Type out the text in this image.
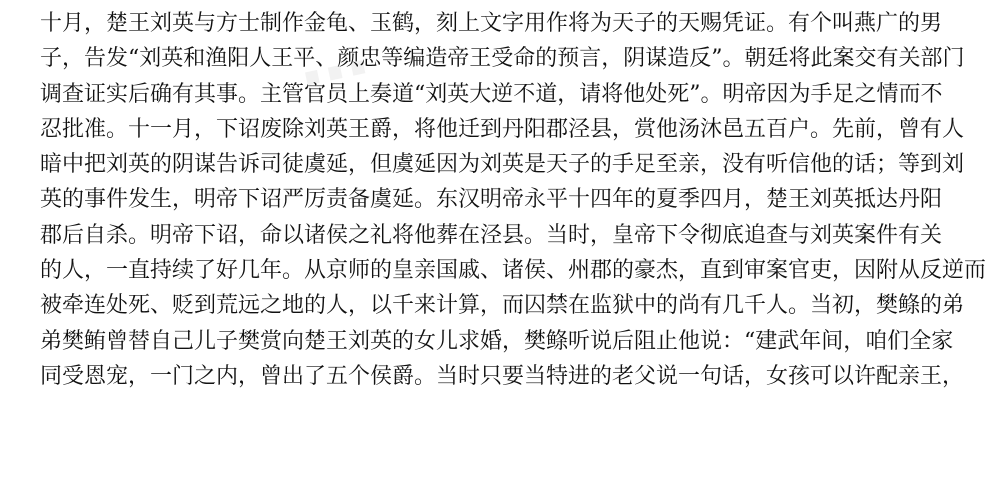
⋯
十月，楚王刘英与方士制作金龟、玉鹤，刻上文字用作将为天子的天赐凭证。有个叫燕广的男
子，告发“刘英和渔阳人王平、颜忠等编造帝王受命的预言，阴谋造反”。朝廷将此案交有关部门
调查证实后确有其事。主管官员上奏道“刘英大逆不道，请将他处死”。明帝因为手足之情而不
忍批准。十一月，下诏废除刘英王爵，将他迁到丹阳郡泾县，赏他汤沐邑五百户。先前，曾有人
暗中把刘英的阴谋告诉司徒虞延，但虞延因为刘英是天子的手足至亲，没有听信他的话；等到刘
英的事件发生，明帝下诏严厉责备虞延。东汉明帝永平十四年的夏季四月，楚王刘英抵达丹阳
郡后自杀。明帝下诏，命以诸侯之礼将他葬在泾县。当时，皇帝下令彻底追查与刘英案件有关
的人，一直持续了好几年。从京师的皇亲国戚、诸侯、州郡的豪杰，直到审案官吏，因附从反逆而
被牵连处死、贬到荒远之地的人，以千来计算，而囚禁在监狱中的尚有几千人。当初，樊鲦的弟
弟樊鲔曾替自己儿子樊赏向楚王刘英的女儿求婚，樊鲦听说后阻止他说：“建武年间，咱们全家
同受恩宠，一门之内，曾出了五个侯爵。当时只要当特进的老父说一句话，女孩可以许配亲王，
